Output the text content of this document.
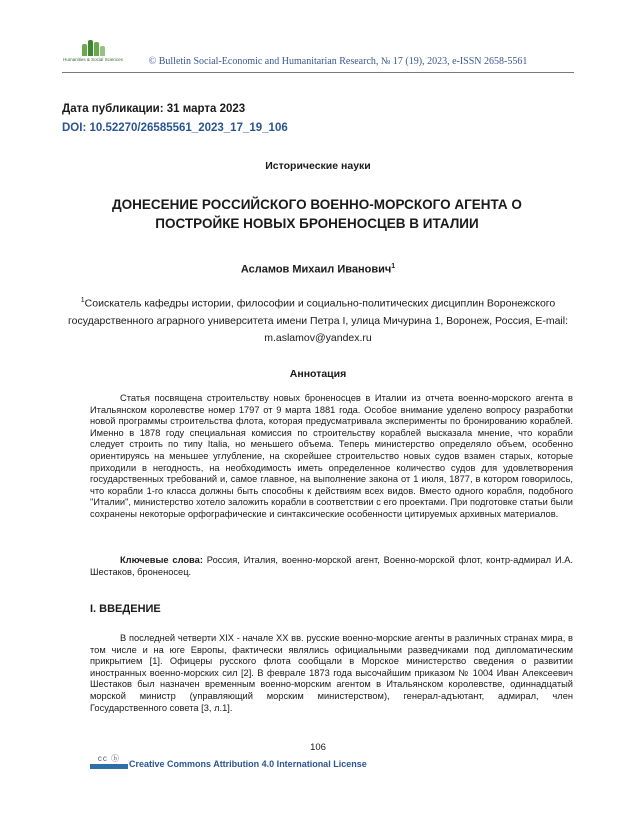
Humanities & Social Sciences	© Bulletin Social-Economic and Humanitarian Research, № 17 (19), 2023, e-ISSN 2658-5561
Дата публикации: 31 марта 2023
DOI: 10.52270/26585561_2023_17_19_106
Исторические науки
ДОНЕСЕНИЕ РОССИЙСКОГО ВОЕННО-МОРСКОГО АГЕНТА О ПОСТРОЙКЕ НОВЫХ БРОНЕНОСЦЕВ В ИТАЛИИ
Асламов Михаил Иванович$^1$
$^1$Соискатель кафедры истории, философии и социально-политических дисциплин Воронежского государственного аграрного университета имени Петра I, улица Мичурина 1, Воронеж, Россия, E-mail: m.aslamov@yandex.ru
Аннотация

Статья посвящена строительству новых броненосцев в Италии из отчета военно-морского агента в Итальянском королевстве номер 1797 от 9 марта 1881 года. Особое внимание уделено вопросу разработки новой программы строительства флота, которая предусматривала эксперименты по бронированию кораблей. Именно в 1878 году специальная комиссия по строительству кораблей высказала мнение, что корабли следует строить по типу Italia, но меньшего объема. Теперь министерство определяло объем, особенно ориентируясь на меньшее углубление, на скорейшее строительство новых судов взамен старых, которые приходили в негодность, на необходимость иметь определенное количество судов для удовлетворения государственных требований и, самое главное, на выполнение закона от 1 июля, 1877, в котором говорилось, что корабли 1-го класса должны быть способны к действиям всех видов. Вместо одного корабля, подобного "Италии", министерство хотело заложить корабли в соответствии с его проектами. При подготовке статьи были сохранены некоторые орфографические и синтаксические особенности цитируемых архивных материалов.

Ключевые слова: Россия, Италия, военно-морской агент, Военно-морской флот, контр-адмирал И.А. Шестаков, броненосец.

I. ВВЕДЕНИЕ

В последней четверти XIX - начале XX вв. русские военно-морские агенты в различных странах мира, в том числе и на юге Европы, фактически являлись официальными разведчиками под дипломатическим прикрытием [1]. Офицеры русского флота сообщали в Морское министерство сведения о развитии иностранных военно-морских сил [2]. В феврале 1873 года высочайшим приказом № 1004 Иван Алексеевич Шестаков был назначен временным военно-морским агентом в Итальянском королевстве, одиннадцатый морской министр (управляющий морским министерством), генерал-адъютант, адмирал, член Государственного совета [3, л.1].

106
cc ⓑ
Creative Commons Attribution 4.0 International License
